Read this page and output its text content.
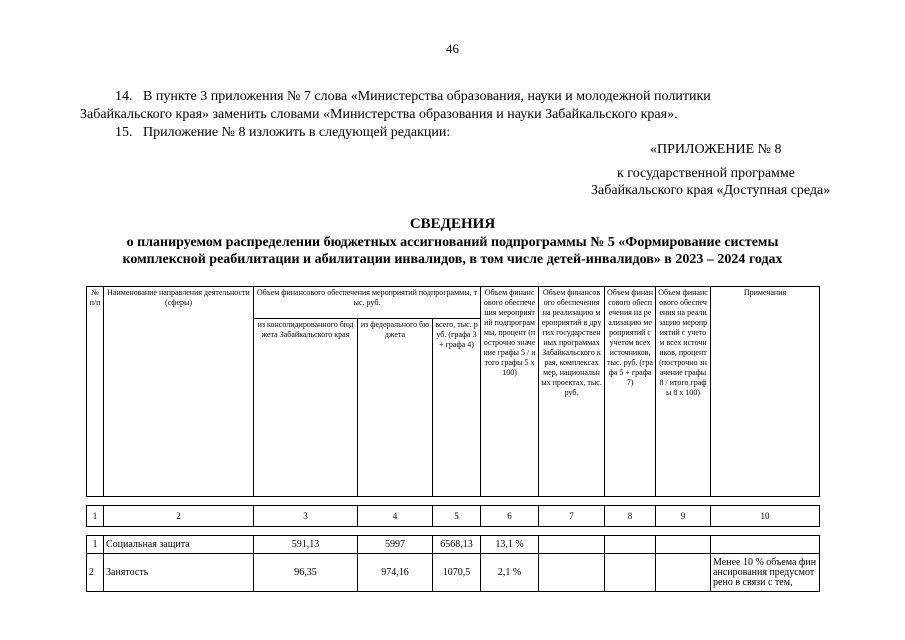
46
14. В пункте 3 приложения № 7 слова «Министерства образования, науки и молодежной политики
Забайкальского края» заменить словами «Министерства образования и науки Забайкальского края».
15. Приложение № 8 изложить в следующей редакции:
«ПРИЛОЖЕНИЕ № 8
к государственной программе
Забайкальского края «Доступная среда»
СВЕДЕНИЯ
о планируемом распределении бюджетных ассигнований подпрограммы № 5 «Формирование системы
комплексной реабилитации и абилитации инвалидов, в том числе детей-инвалидов» в 2023 – 2024 годах
№ п/п	Наименование направления деятельности (сферы)	Объем финансового обеспечения мероприятий подпрограммы, тыс. руб.			Объем финансового обеспечения мероприятий подпрограммы, процент (построчно значение графы 5 / итого графы 5 х 100)	Объем финансового обеспечения на реализацию мероприятий в других государственных программах Забайкальского края, комплексах мер, национальных проектах, тыс. руб.	Объем финансового обеспечения на реализацию мероприятий с учетом всех источников, тыс. руб. (графа 5 + графа 7)	Объем финансового обеспечения на реализацию мероприятий с учетом всех источников, процент (построчно значение графы 8 / итого графы 8 х 100)	Примечания
		из консолидированного бюджета Забайкальского края	из федерального бюджета	всего, тыс. руб. (графа 3 + графа 4)					

1	2	3	4	5	6	7	8	9	10

1	Социальная защита	591,13	5997	6568,13	13,1 %				
2	Занятость	96,35	974,16	1070,5	2,1 %				Менее 10 % объема финансирования предусмотрено в связи с тем,
